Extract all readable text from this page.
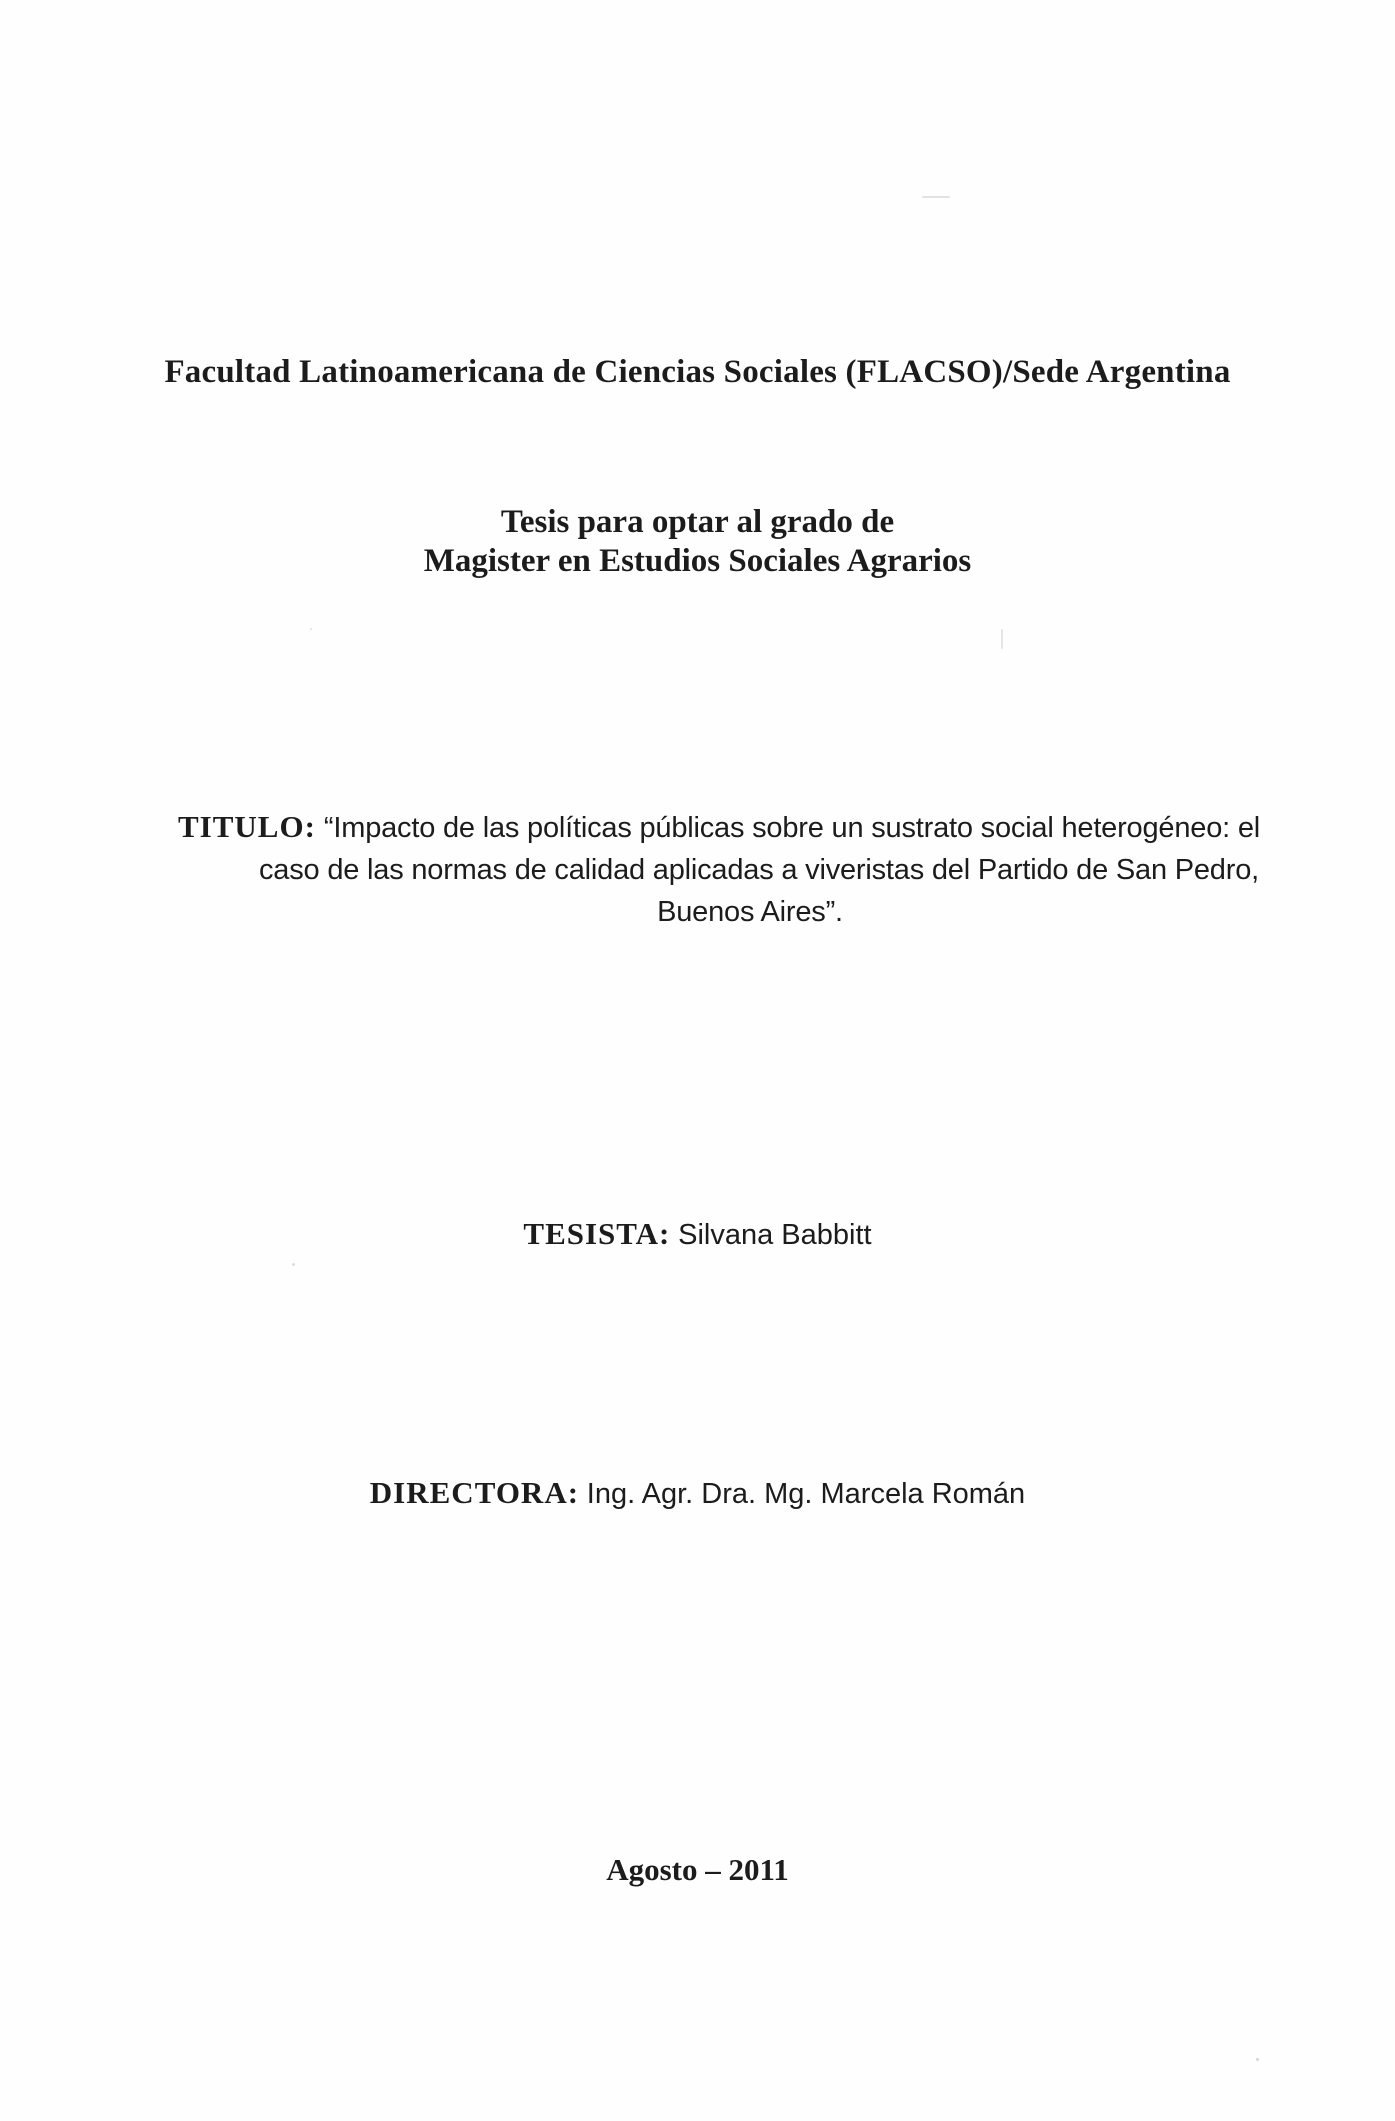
Facultad Latinoamericana de Ciencias Sociales (FLACSO)/Sede Argentina
Tesis para optar al grado de
Magister en Estudios Sociales Agrarios
TITULO: “Impacto de las políticas públicas sobre un sustrato social heterogéneo: el
caso de las normas de calidad aplicadas a viveristas del Partido de San Pedro,
Buenos Aires”.
TESISTA: Silvana Babbitt
DIRECTORA: Ing. Agr. Dra. Mg. Marcela Román
Agosto – 2011
